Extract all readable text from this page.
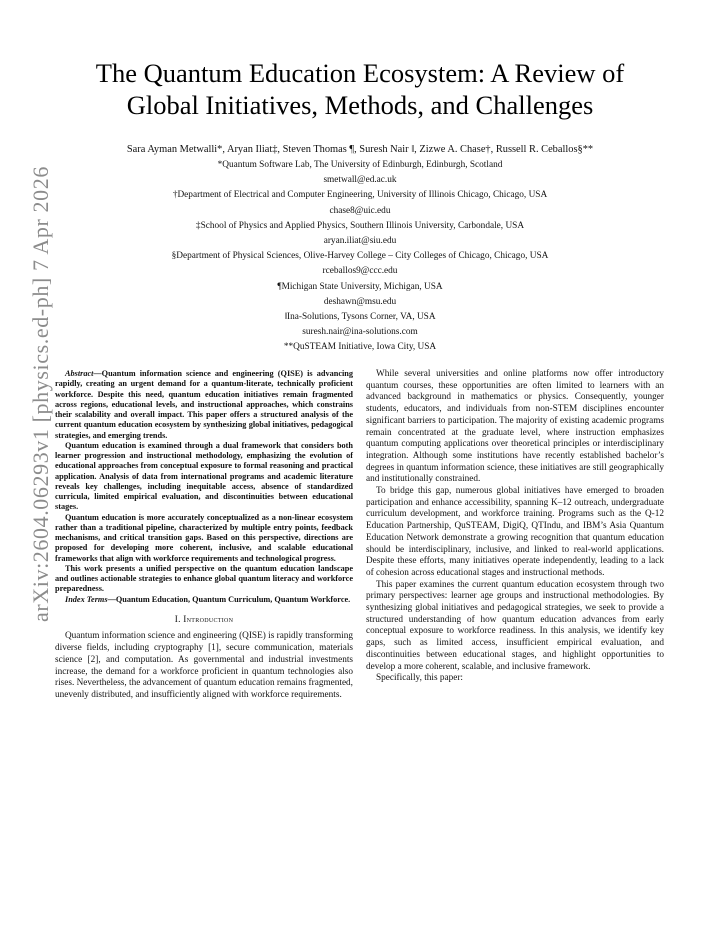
arXiv:2604.06293v1 [physics.ed-ph] 7 Apr 2026
The Quantum Education Ecosystem: A Review of
Global Initiatives, Methods, and Challenges
Sara Ayman Metwalli*, Aryan Iliat‡, Steven Thomas ¶, Suresh Nair ‖, Zizwe A. Chase†, Russell R. Ceballos§**
*Quantum Software Lab, The University of Edinburgh, Edinburgh, Scotland
smetwall@ed.ac.uk
†Department of Electrical and Computer Engineering, University of Illinois Chicago, Chicago, USA
chase8@uic.edu
‡School of Physics and Applied Physics, Southern Illinois University, Carbondale, USA
aryan.iliat@siu.edu
§Department of Physical Sciences, Olive-Harvey College – City Colleges of Chicago, Chicago, USA
rceballos9@ccc.edu
¶Michigan State University, Michigan, USA
deshawn@msu.edu
‖Ina-Solutions, Tysons Corner, VA, USA
suresh.nair@ina-solutions.com
**QuSTEAM Initiative, Iowa City, USA

Abstract—Quantum information science and engineering (QISE) is advancing rapidly, creating an urgent demand for a quantum-literate, technically proficient workforce. Despite this need, quantum education initiatives remain fragmented across regions, educational levels, and instructional approaches, which constrains their scalability and overall impact. This paper offers a structured analysis of the current quantum education ecosystem by synthesizing global initiatives, pedagogical strategies, and emerging trends.

Quantum education is examined through a dual framework that considers both learner progression and instructional methodology, emphasizing the evolution of educational approaches from conceptual exposure to formal reasoning and practical application. Analysis of data from international programs and academic literature reveals key challenges, including inequitable access, absence of standardized curricula, limited empirical evaluation, and discontinuities between educational stages.

Quantum education is more accurately conceptualized as a non-linear ecosystem rather than a traditional pipeline, characterized by multiple entry points, feedback mechanisms, and critical transition gaps. Based on this perspective, directions are proposed for developing more coherent, inclusive, and scalable educational frameworks that align with workforce requirements and technological progress.

This work presents a unified perspective on the quantum education landscape and outlines actionable strategies to enhance global quantum literacy and workforce preparedness.

Index Terms—Quantum Education, Quantum Curriculum, Quantum Workforce.

I. Introduction

Quantum information science and engineering (QISE) is rapidly transforming diverse fields, including cryptography [1], secure communication, materials science [2], and computation. As governmental and industrial investments increase, the demand for a workforce proficient in quantum technologies also rises. Nevertheless, the advancement of quantum education remains fragmented, unevenly distributed, and insufficiently aligned with workforce requirements.

While several universities and online platforms now offer introductory quantum courses, these opportunities are often limited to learners with an advanced background in mathematics or physics. Consequently, younger students, educators, and individuals from non-STEM disciplines encounter significant barriers to participation. The majority of existing academic programs remain concentrated at the graduate level, where instruction emphasizes quantum computing applications over theoretical principles or interdisciplinary integration. Although some institutions have recently established bachelor’s degrees in quantum information science, these initiatives are still geographically and institutionally constrained.

To bridge this gap, numerous global initiatives have emerged to broaden participation and enhance accessibility, spanning K–12 outreach, undergraduate curriculum development, and workforce training. Programs such as the Q-12 Education Partnership, QuSTEAM, DigiQ, QTIndu, and IBM’s Asia Quantum Education Network demonstrate a growing recognition that quantum education should be interdisciplinary, inclusive, and linked to real-world applications. Despite these efforts, many initiatives operate independently, leading to a lack of cohesion across educational stages and instructional methods.

This paper examines the current quantum education ecosystem through two primary perspectives: learner age groups and instructional methodologies. By synthesizing global initiatives and pedagogical strategies, we seek to provide a structured understanding of how quantum education advances from early conceptual exposure to workforce readiness. In this analysis, we identify key gaps, such as limited access, insufficient empirical evaluation, and discontinuities between educational stages, and highlight opportunities to develop a more coherent, scalable, and inclusive framework.

Specifically, this paper:
